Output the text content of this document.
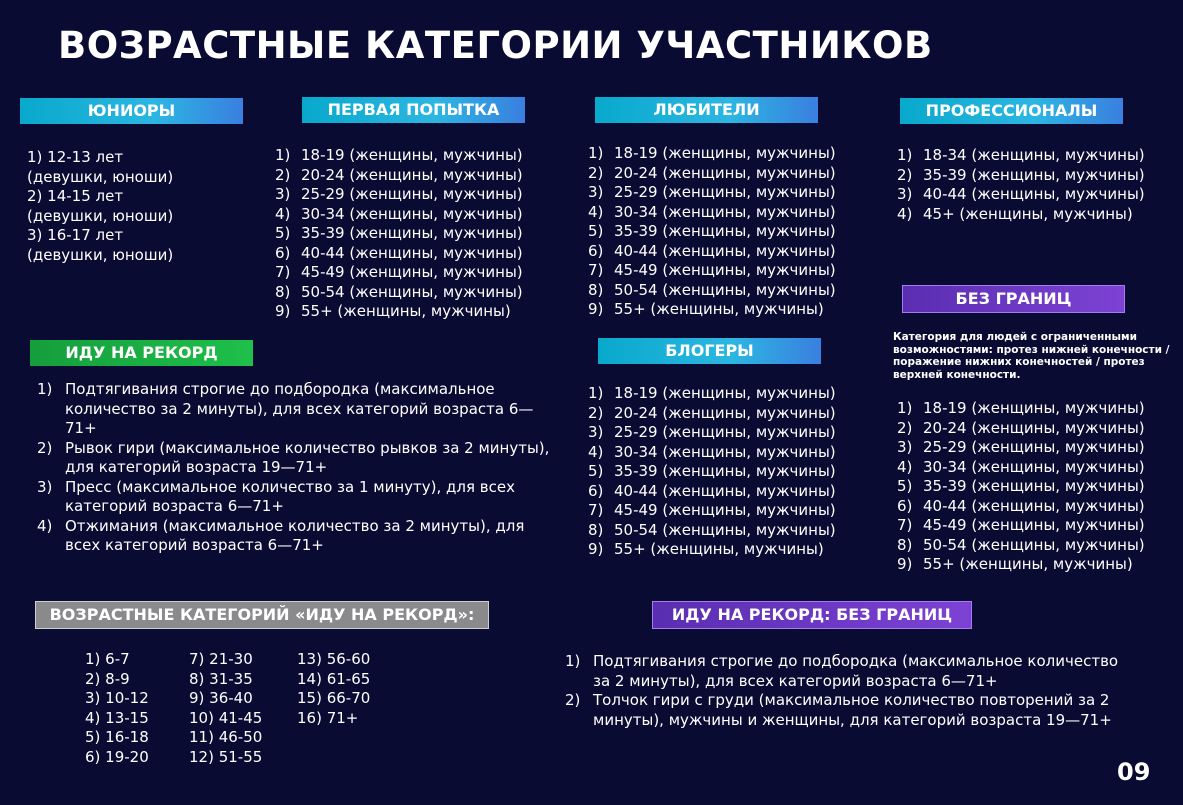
ВОЗРАСТНЫЕ КАТЕГОРИИ УЧАСТНИКОВ
ЮНИОРЫ
1) 12-13 лет
(девушки, юноши)
2) 14-15 лет
(девушки, юноши)
3) 16-17 лет
(девушки, юноши)
ПЕРВАЯ ПОПЫТКА
1) 18-19 (женщины, мужчины)
2) 20-24 (женщины, мужчины)
3) 25-29 (женщины, мужчины)
4) 30-34 (женщины, мужчины)
5) 35-39 (женщины, мужчины)
6) 40-44 (женщины, мужчины)
7) 45-49 (женщины, мужчины)
8) 50-54 (женщины, мужчины)
9) 55+ (женщины, мужчины)
ЛЮБИТЕЛИ
1) 18-19 (женщины, мужчины)
2) 20-24 (женщины, мужчины)
3) 25-29 (женщины, мужчины)
4) 30-34 (женщины, мужчины)
5) 35-39 (женщины, мужчины)
6) 40-44 (женщины, мужчины)
7) 45-49 (женщины, мужчины)
8) 50-54 (женщины, мужчины)
9) 55+ (женщины, мужчины)
ПРОФЕССИОНАЛЫ
1) 18-34 (женщины, мужчины)
2) 35-39 (женщины, мужчины)
3) 40-44 (женщины, мужчины)
4) 45+ (женщины, мужчины)
БЕЗ ГРАНИЦ

Категория для людей с ограниченными возможностями: протез нижней конечности /поражение нижних конечностей / протез верхней конечности.

1) 18-19 (женщины, мужчины)
2) 20-24 (женщины, мужчины)
3) 25-29 (женщины, мужчины)
4) 30-34 (женщины, мужчины)
5) 35-39 (женщины, мужчины)
6) 40-44 (женщины, мужчины)
7) 45-49 (женщины, мужчины)
8) 50-54 (женщины, мужчины)
9) 55+ (женщины, мужчины)
БЛОГЕРЫ
1) 18-19 (женщины, мужчины)
2) 20-24 (женщины, мужчины)
3) 25-29 (женщины, мужчины)
4) 30-34 (женщины, мужчины)
5) 35-39 (женщины, мужчины)
6) 40-44 (женщины, мужчины)
7) 45-49 (женщины, мужчины)
8) 50-54 (женщины, мужчины)
9) 55+ (женщины, мужчины)
ИДУ НА РЕКОРД
1) Подтягивания строгие до подбородка (максимальное количество за 2 минуты), для всех категорий возраста 6—71+
2) Рывок гири (максимальное количество рывков за 2 минуты), для категорий возраста 19—71+
3) Пресс (максимальное количество за 1 минуту), для всех категорий возраста 6—71+
4) Отжимания (максимальное количество за 2 минуты), для всех категорий возраста 6—71+
ВОЗРАСТНЫЕ КАТЕГОРИЙ «ИДУ НА РЕКОРД»:
1) 6-7
2) 8-9
3) 10-12
4) 13-15
5) 16-18
6) 19-20
7) 21-30
8) 31-35
9) 36-40
10) 41-45
11) 46-50
12) 51-55
13) 56-60
14) 61-65
15) 66-70
16) 71+
ИДУ НА РЕКОРД: БЕЗ ГРАНИЦ
1) Подтягивания строгие до подбородка (максимальное количество за 2 минуты), для всех категорий возраста 6—71+
2) Толчок гири с груди (максимальное количество повторений за 2 минуты), мужчины и женщины, для категорий возраста 19—71+
09
